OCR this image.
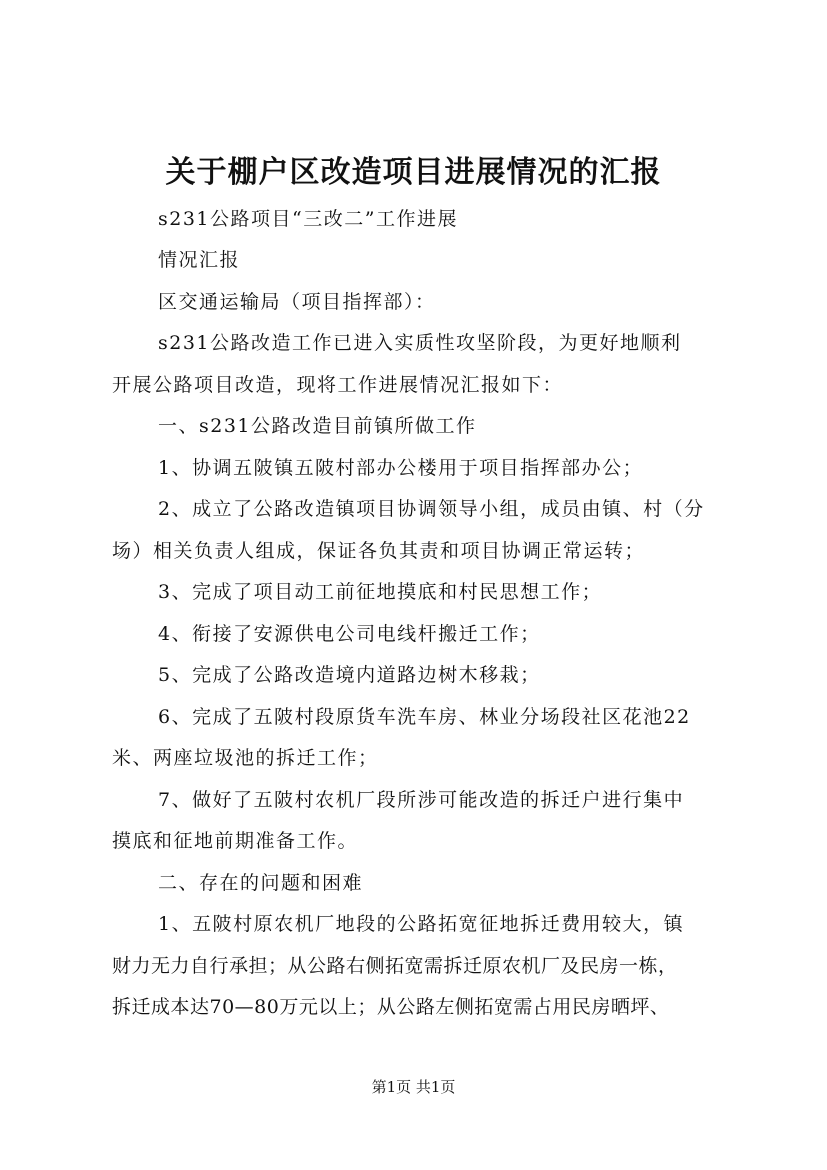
关于棚户区改造项目进展情况的汇报
s231公路项目“三改二”工作进展
情况汇报
区交通运输局（项目指挥部）：
s231公路改造工作已进入实质性攻坚阶段，为更好地顺利
开展公路项目改造，现将工作进展情况汇报如下：
一、s231公路改造目前镇所做工作
1、协调五陂镇五陂村部办公楼用于项目指挥部办公；
2、成立了公路改造镇项目协调领导小组，成员由镇、村（分
场）相关负责人组成，保证各负其责和项目协调正常运转；
3、完成了项目动工前征地摸底和村民思想工作；
4、衔接了安源供电公司电线杆搬迁工作；
5、完成了公路改造境内道路边树木移栽；
6、完成了五陂村段原货车洗车房、林业分场段社区花池22
米、两座垃圾池的拆迁工作；
7、做好了五陂村农机厂段所涉可能改造的拆迁户进行集中
摸底和征地前期准备工作。
二、存在的问题和困难
1、五陂村原农机厂地段的公路拓宽征地拆迁费用较大，镇
财力无力自行承担；从公路右侧拓宽需拆迁原农机厂及民房一栋，
拆迁成本达70—80万元以上；从公路左侧拓宽需占用民房晒坪、
第1页 共1页
